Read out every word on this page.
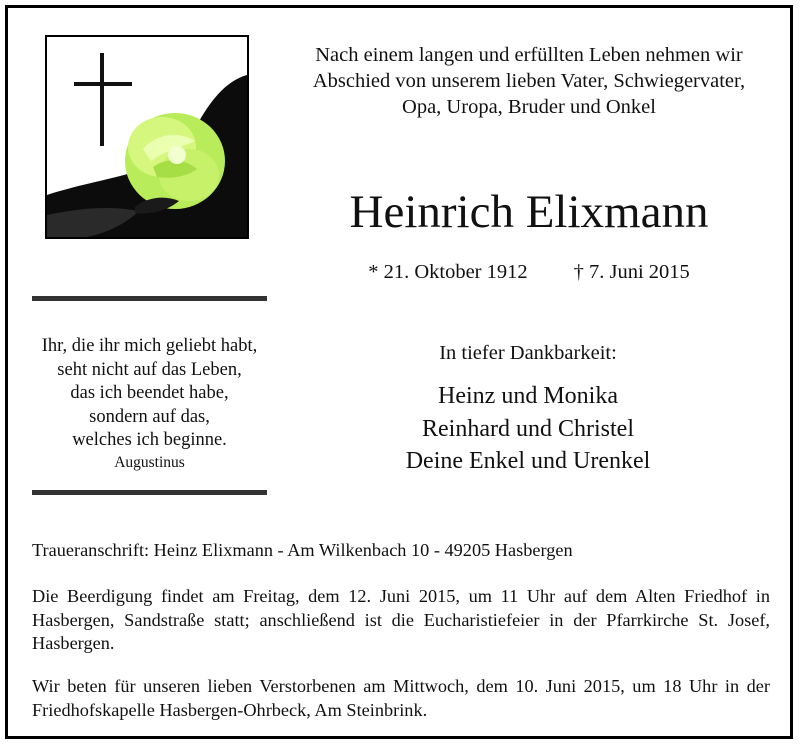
Nach einem langen und erfüllten Leben nehmen wir
Abschied von unserem lieben Vater, Schwiegervater,
Opa, Uropa, Bruder und Onkel
Heinrich Elixmann
* 21. Oktober 1912 † 7. Juni 2015
Ihr, die ihr mich geliebt habt,
seht nicht auf das Leben,
das ich beendet habe,
sondern auf das,
welches ich beginne.
Augustinus
In tiefer Dankbarkeit:
Heinz und Monika
Reinhard und Christel
Deine Enkel und Urenkel
Traueranschrift: Heinz Elixmann - Am Wilkenbach 10 - 49205 Hasbergen
Die Beerdigung findet am Freitag, dem 12. Juni 2015, um 11 Uhr auf dem Alten Friedhof in Hasbergen, Sandstraße statt; anschließend ist die Eucharistiefeier in der Pfarrkirche St. Josef, Hasbergen.
Wir beten für unseren lieben Verstorbenen am Mittwoch, dem 10. Juni 2015, um 18 Uhr in der Friedhofskapelle Hasbergen-Ohrbeck, Am Steinbrink.
